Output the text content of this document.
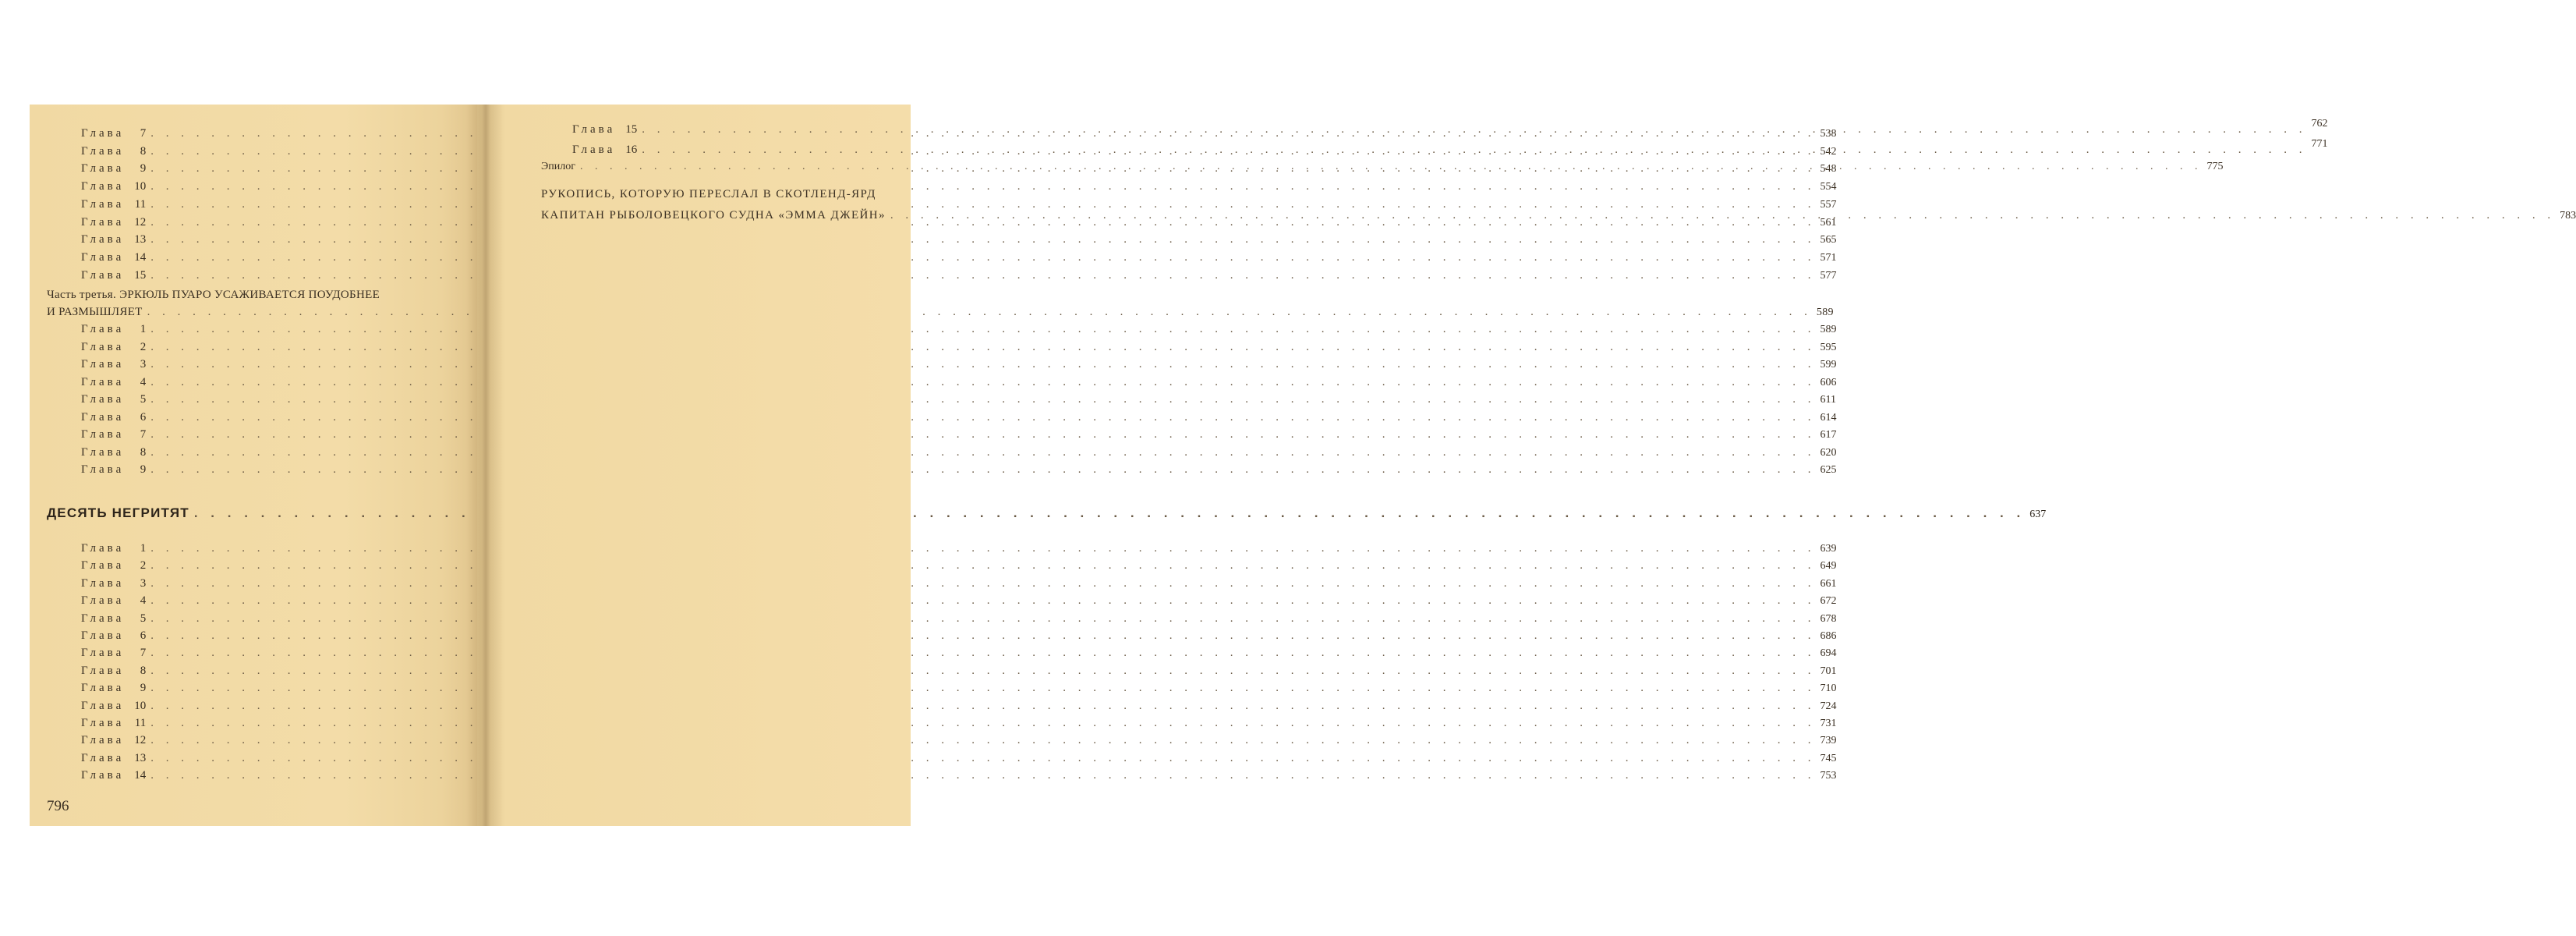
Глава	7 . . .	538
Глава	8 . . .	542
Глава	9 . . .	548
Глава 10 . . .	554
Глава 11 . . .	557
Глава 12 . . .	561
Глава 13 . . .	565
Глава 14 . . .	571
Глава 15 . . .	577
Часть третья. ЭРКЮЛЬ ПУАРО УСАЖИВАЕТСЯ ПОУДОБНЕЕ
И РАЗМЫШЛЯЕТ . . .	589
Глава	1 . . .	589
Глава	2 . . .	595
Глава	3 . . .	599
Глава	4 . . .	606
Глава	5 . . .	611
Глава	6 . . .	614
Глава	7 . . .	617
Глава	8 . . .	620
Глава	9 . . .	625
ДЕСЯТЬ НЕГРИТЯТ . . .	637
Глава	1 . . .	639
Глава	2 . . .	649
Глава	3 . . .	661
Глава	4 . . .	672
Глава	5 . . .	678
Глава	6 . . .	686
Глава	7 . . .	694
Глава	8 . . .	701
Глава	9 . . .	710
Глава 10 . . .	724
Глава 11 . . .	731
Глава 12 . . .	739
Глава 13 . . .	745
Глава 14 . . .	753
796
Глава 15 . . .	762
Глава 16 . . .	771
Эпилог . . .	775
РУКОПИСЬ, КОТОРУЮ ПЕРЕСЛАЛ В СКОТЛЕНД-ЯРД
КАПИТАН РЫБОЛОВЕЦКОГО СУДНА «ЭММА ДЖЕЙН» . . .	783
